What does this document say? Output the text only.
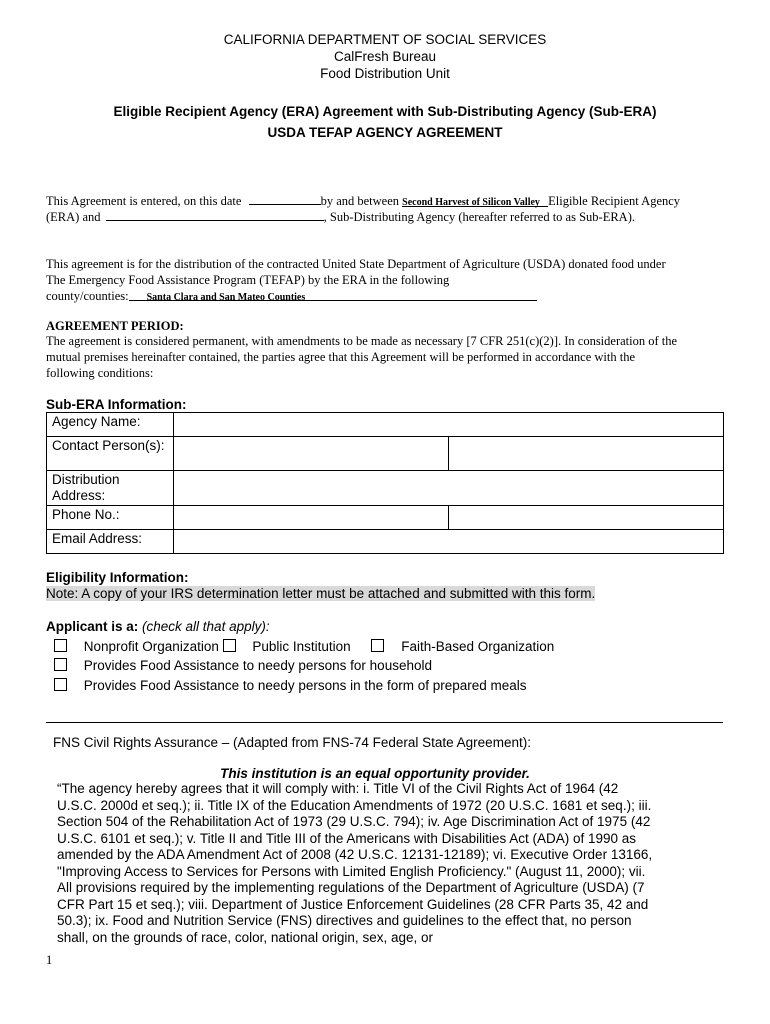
CALIFORNIA DEPARTMENT OF SOCIAL SERVICES
CalFresh Bureau
Food Distribution Unit
Eligible Recipient Agency (ERA) Agreement with Sub-Distributing Agency (Sub-ERA)
USDA TEFAP AGENCY AGREEMENT
This Agreement is entered, on this date	by and between Second Harvest of Silicon Valley Eligible Recipient Agency
(ERA) and	, Sub-Distributing Agency (hereafter referred to as Sub-ERA).
This agreement is for the distribution of the contracted United State Department of Agriculture (USDA) donated food under
The Emergency Food Assistance Program (TEFAP) by the ERA in the following
county/counties: Santa Clara and San Mateo Counties
AGREEMENT PERIOD:
The agreement is considered permanent, with amendments to be made as necessary [7 CFR 251(c)(2)]. In consideration of the
mutual premises hereinafter contained, the parties agree that this Agreement will be performed in accordance with the
following conditions:
Sub-ERA Information:
Agency Name:		
Contact Person(s):		
Distribution Address:		
Phone No.:		
Email Address:		
Eligibility Information:
Note: A copy of your IRS determination letter must be attached and submitted with this form.
Applicant is a: (check all that apply):
Nonprofit Organization Public Institution	Faith-Based Organization
Provides Food Assistance to needy persons for household
Provides Food Assistance to needy persons in the form of prepared meals
FNS Civil Rights Assurance – (Adapted from FNS-74 Federal State Agreement):
This institution is an equal opportunity provider.
“The agency hereby agrees that it will comply with: i. Title VI of the Civil Rights Act of 1964 (42 U.S.C. 2000d et seq.); ii. Title IX of the Education Amendments of 1972 (20 U.S.C. 1681 et seq.); iii. Section 504 of the Rehabilitation Act of 1973 (29 U.S.C. 794); iv. Age Discrimination Act of 1975 (42 U.S.C. 6101 et seq.); v. Title II and Title III of the Americans with Disabilities Act (ADA) of 1990 as amended by the ADA Amendment Act of 2008 (42 U.S.C. 12131-12189); vi. Executive Order 13166, "Improving Access to Services for Persons with Limited English Proficiency." (August 11, 2000); vii. All provisions required by the implementing regulations of the Department of Agriculture (USDA) (7 CFR Part 15 et seq.); viii. Department of Justice Enforcement Guidelines (28 CFR Parts 35, 42 and 50.3); ix. Food and Nutrition Service (FNS) directives and guidelines to the effect that, no person shall, on the grounds of race, color, national origin, sex, age, or
1
